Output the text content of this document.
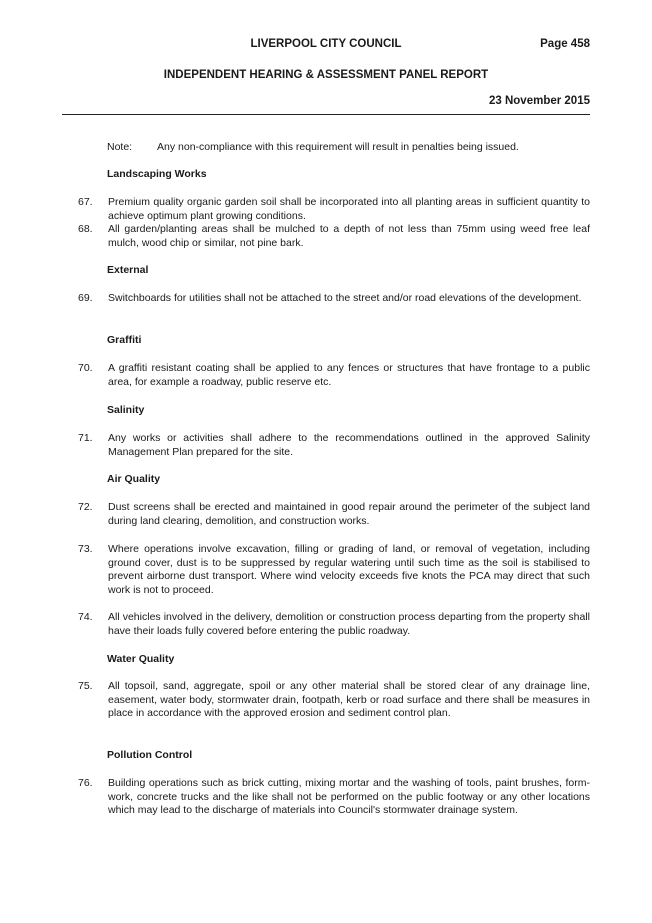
LIVERPOOL CITY COUNCIL	Page 458
INDEPENDENT HEARING & ASSESSMENT PANEL REPORT
23 November 2015
Note: Any non-compliance with this requirement will result in penalties being issued.
Landscaping Works
67. Premium quality organic garden soil shall be incorporated into all planting areas in sufficient quantity to achieve optimum plant growing conditions.
68. All garden/planting areas shall be mulched to a depth of not less than 75mm using weed free leaf mulch, wood chip or similar, not pine bark.
External
69. Switchboards for utilities shall not be attached to the street and/or road elevations of the development.
Graffiti
70. A graffiti resistant coating shall be applied to any fences or structures that have frontage to a public area, for example a roadway, public reserve etc.
Salinity
71. Any works or activities shall adhere to the recommendations outlined in the approved Salinity Management Plan prepared for the site.
Air Quality
72. Dust screens shall be erected and maintained in good repair around the perimeter of the subject land during land clearing, demolition, and construction works.
73. Where operations involve excavation, filling or grading of land, or removal of vegetation, including ground cover, dust is to be suppressed by regular watering until such time as the soil is stabilised to prevent airborne dust transport. Where wind velocity exceeds five knots the PCA may direct that such work is not to proceed.
74. All vehicles involved in the delivery, demolition or construction process departing from the property shall have their loads fully covered before entering the public roadway.
Water Quality
75. All topsoil, sand, aggregate, spoil or any other material shall be stored clear of any drainage line, easement, water body, stormwater drain, footpath, kerb or road surface and there shall be measures in place in accordance with the approved erosion and sediment control plan.
Pollution Control
76. Building operations such as brick cutting, mixing mortar and the washing of tools, paint brushes, form-work, concrete trucks and the like shall not be performed on the public footway or any other locations which may lead to the discharge of materials into Council's stormwater drainage system.
